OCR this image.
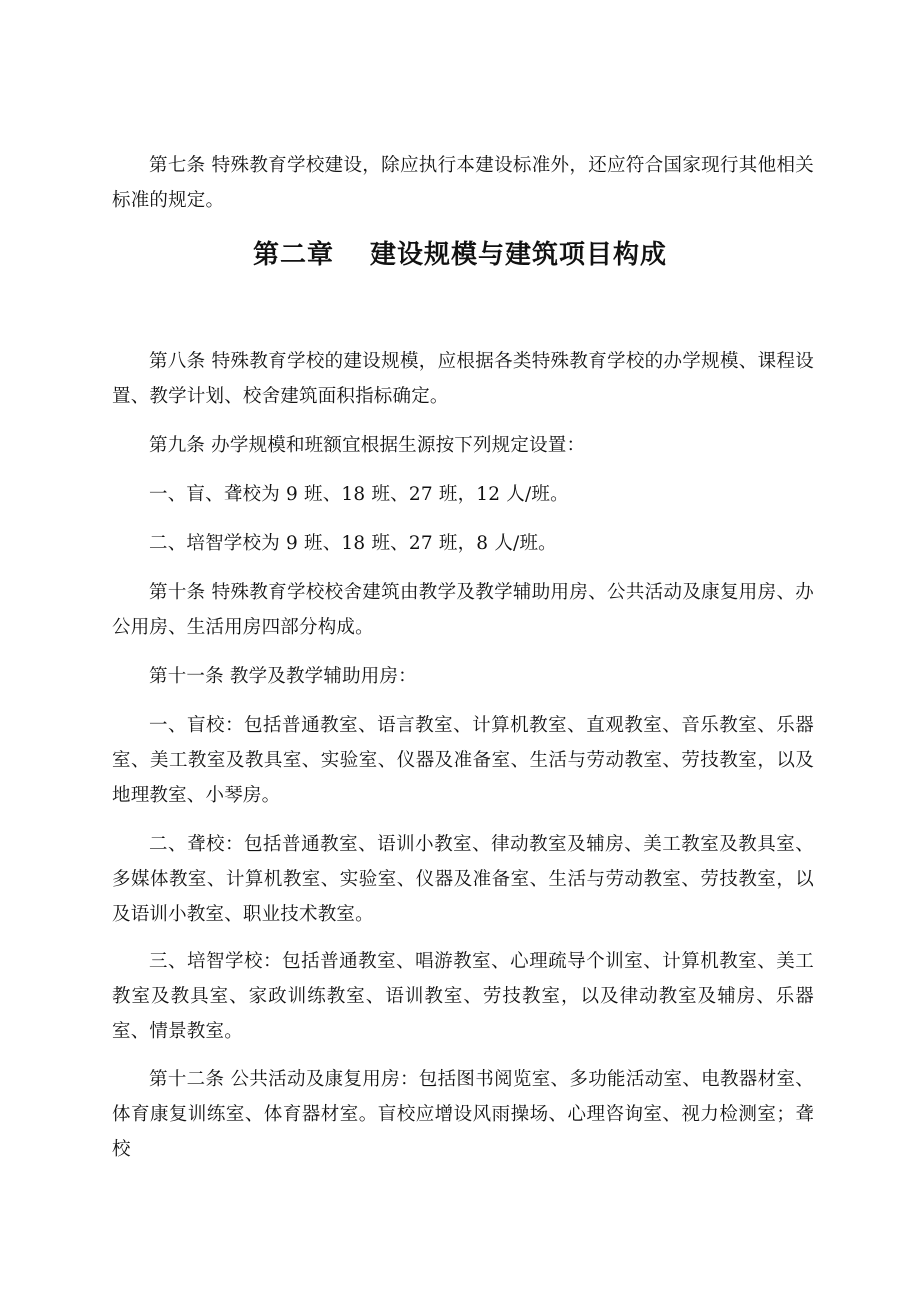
第七条 特殊教育学校建设，除应执行本建设标准外，还应符合国家现行其他相关标准的规定。

第二章 建设规模与建筑项目构成

第八条 特殊教育学校的建设规模，应根据各类特殊教育学校的办学规模、课程设置、教学计划、校舍建筑面积指标确定。

第九条 办学规模和班额宜根据生源按下列规定设置：

一、盲、聋校为 9 班、18 班、27 班，12 人/班。

二、培智学校为 9 班、18 班、27 班，8 人/班。

第十条 特殊教育学校校舍建筑由教学及教学辅助用房、公共活动及康复用房、办公用房、生活用房四部分构成。

第十一条 教学及教学辅助用房：

一、盲校：包括普通教室、语言教室、计算机教室、直观教室、音乐教室、乐器室、美工教室及教具室、实验室、仪器及准备室、生活与劳动教室、劳技教室，以及地理教室、小琴房。

二、聋校：包括普通教室、语训小教室、律动教室及辅房、美工教室及教具室、多媒体教室、计算机教室、实验室、仪器及准备室、生活与劳动教室、劳技教室，以及语训小教室、职业技术教室。

三、培智学校：包括普通教室、唱游教室、心理疏导个训室、计算机教室、美工教室及教具室、家政训练教室、语训教室、劳技教室，以及律动教室及辅房、乐器室、情景教室。

第十二条 公共活动及康复用房：包括图书阅览室、多功能活动室、电教器材室、体育康复训练室、体育器材室。盲校应增设风雨操场、心理咨询室、视力检测室；聋校
